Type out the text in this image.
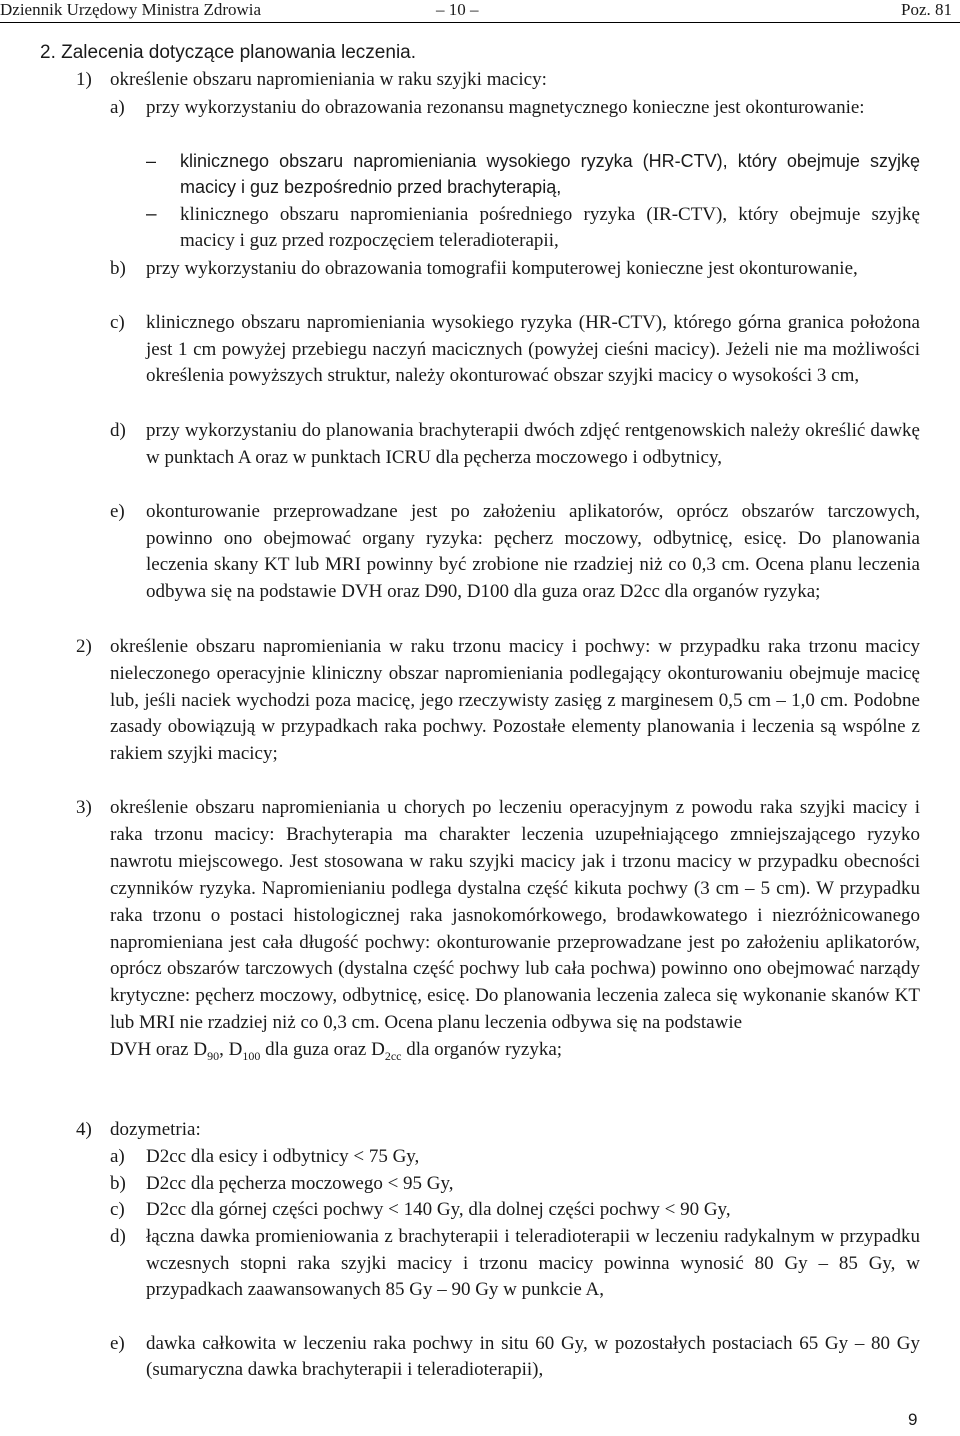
Dziennik Urzędowy Ministra Zdrowia	– 10 –	Poz. 81
2. Zalecenia dotyczące planowania leczenia.
1) określenie obszaru napromieniania w raku szyjki macicy:
a) przy wykorzystaniu do obrazowania rezonansu magnetycznego konieczne jest okonturowanie:
– klinicznego obszaru napromieniania wysokiego ryzyka (HR-CTV), który obejmuje szyjkę macicy i guz bezpośrednio przed brachyterapią,
– klinicznego obszaru napromieniania pośredniego ryzyka (IR-CTV), który obejmuje szyjkę macicy i guz przed rozpoczęciem teleradioterapii,
b) przy wykorzystaniu do obrazowania tomografii komputerowej konieczne jest okonturowanie,
c) klinicznego obszaru napromieniania wysokiego ryzyka (HR-CTV), którego górna granica położona jest 1 cm powyżej przebiegu naczyń macicznych (powyżej cieśni macicy). Jeżeli nie ma możliwości określenia powyższych struktur, należy okonturować obszar szyjki macicy o wysokości 3 cm,
d) przy wykorzystaniu do planowania brachyterapii dwóch zdjęć rentgenowskich należy określić dawkę w punktach A oraz w punktach ICRU dla pęcherza moczowego i odbytnicy,
e) okonturowanie przeprowadzane jest po założeniu aplikatorów, oprócz obszarów tarczowych, powinno ono obejmować organy ryzyka: pęcherz moczowy, odbytnicę, esicę. Do planowania leczenia skany KT lub MRI powinny być zrobione nie rzadziej niż co 0,3 cm. Ocena planu leczenia odbywa się na podstawie DVH oraz D90, D100 dla guza oraz D2cc dla organów ryzyka;
2) określenie obszaru napromieniania w raku trzonu macicy i pochwy: w przypadku raka trzonu macicy nieleczonego operacyjnie kliniczny obszar napromieniania podlegający okonturowaniu obejmuje macicę lub, jeśli naciek wychodzi poza macicę, jego rzeczywisty zasięg z marginesem 0,5 cm – 1,0 cm. Podobne zasady obowiązują w przypadkach raka pochwy. Pozostałe elementy planowania i leczenia są wspólne z rakiem szyjki macicy;
3) określenie obszaru napromieniania u chorych po leczeniu operacyjnym z powodu raka szyjki macicy i raka trzonu macicy: Brachyterapia ma charakter leczenia uzupełniającego zmniejszającego ryzyko nawrotu miejscowego. Jest stosowana w raku szyjki macicy jak i trzonu macicy w przypadku obecności czynników ryzyka. Napromienianiu podlega dystalna część kikuta pochwy (3 cm – 5 cm). W przypadku raka trzonu o postaci histologicznej raka jasnokomórkowego, brodawkowatego i niezróżnicowanego napromieniana jest cała długość pochwy: okonturowanie przeprowadzane jest po założeniu aplikatorów, oprócz obszarów tarczowych (dystalna część pochwy lub cała pochwa) powinno ono obejmować narządy krytyczne: pęcherz moczowy, odbytnicę, esicę. Do planowania leczenia zaleca się wykonanie skanów KT lub MRI nie rzadziej niż co 0,3 cm. Ocena planu leczenia odbywa się na podstawie
DVH oraz $D_{90}$, $D_{100}$ dla guza oraz $D_{2cc}$ dla organów ryzyka;
4) dozymetria:
a) D2cc dla esicy i odbytnicy < 75 Gy,
b) D2cc dla pęcherza moczowego < 95 Gy,
c) D2cc dla górnej części pochwy < 140 Gy, dla dolnej części pochwy < 90 Gy,
d) łączna dawka promieniowania z brachyterapii i teleradioterapii w leczeniu radykalnym w przypadku wczesnych stopni raka szyjki macicy i trzonu macicy powinna wynosić 80 Gy – 85 Gy, w przypadkach zaawansowanych 85 Gy – 90 Gy w punkcie A,
e) dawka całkowita w leczeniu raka pochwy in situ 60 Gy, w pozostałych postaciach 65 Gy – 80 Gy (sumaryczna dawka brachyterapii i teleradioterapii),
9
